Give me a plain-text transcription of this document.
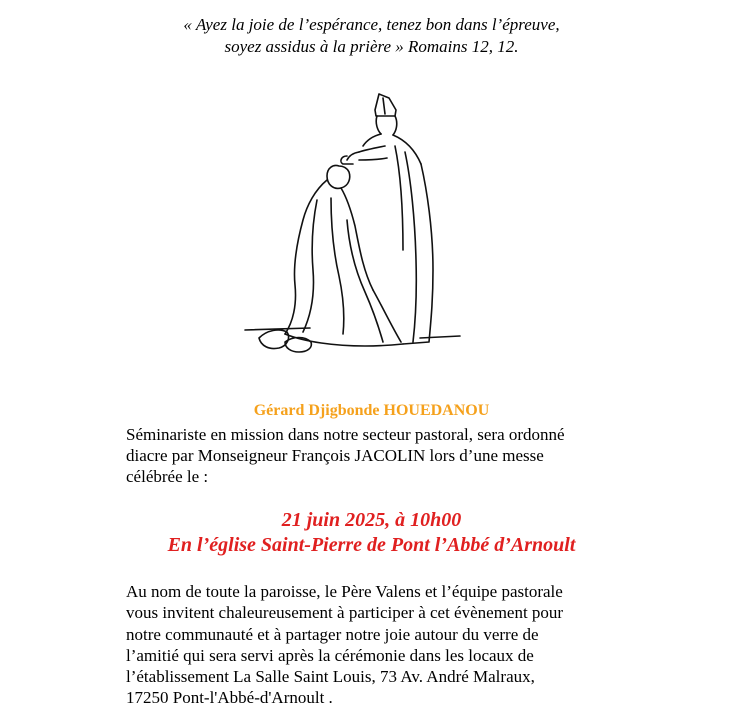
« Ayez la joie de l’espérance, tenez bon dans l’épreuve,
soyez assidus à la prière » Romains 12, 12.
Gérard Djigbonde HOUEDANOU
Séminariste en mission dans notre secteur pastoral, sera ordonné
diacre par Monseigneur François JACOLIN lors d’une messe
célébrée le :
21 juin 2025, à 10h00
En l’église Saint-Pierre de Pont l’Abbé d’Arnoult
Au nom de toute la paroisse, le Père Valens et l’équipe pastorale
vous invitent chaleureusement à participer à cet évènement pour
notre communauté et à partager notre joie autour du verre de
l’amitié qui sera servi après la cérémonie dans les locaux de
l’établissement La Salle Saint Louis, 73 Av. André Malraux,
17250 Pont-l'Abbé-d'Arnoult .
